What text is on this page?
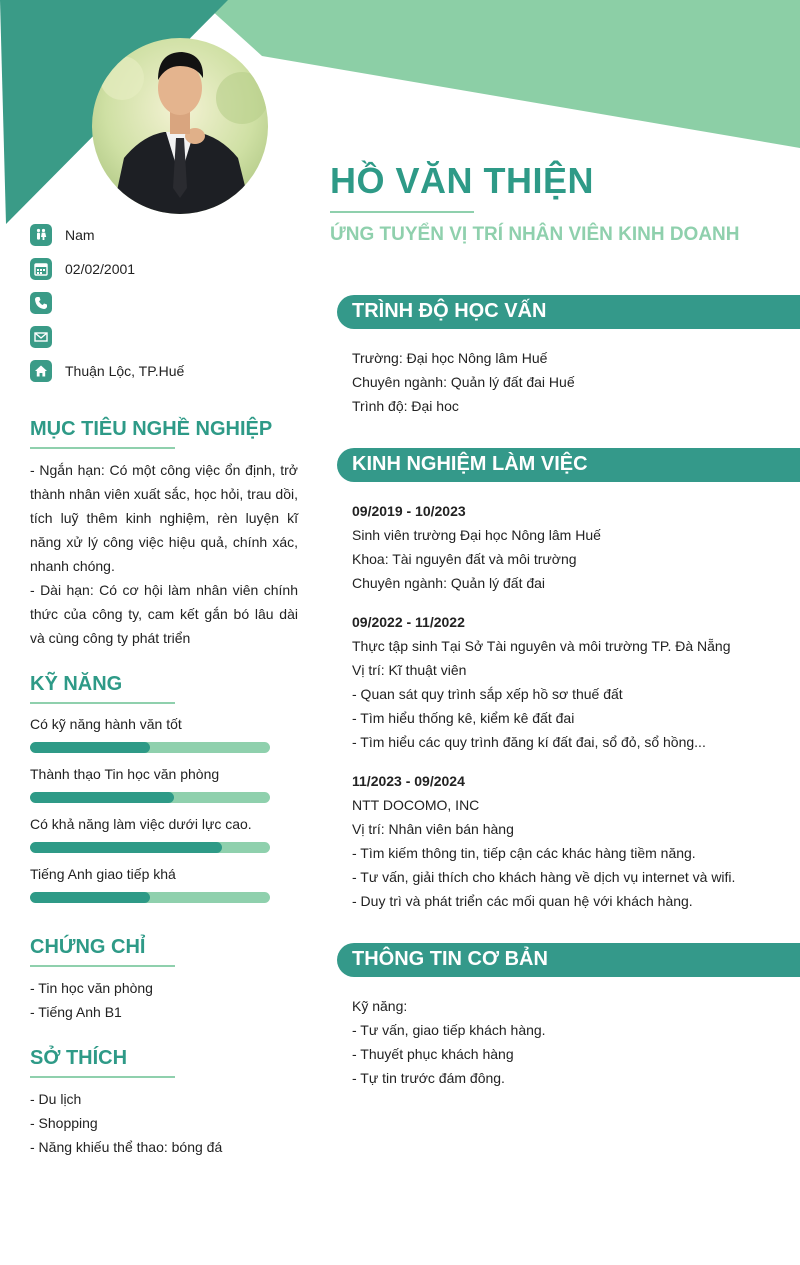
HỒ VĂN THIỆN
ỨNG TUYỂN VỊ TRÍ NHÂN VIÊN KINH DOANH
Nam
02/02/2001
Thuận Lộc, TP.Huế
MỤC TIÊU NGHỀ NGHIỆP
- Ngắn hạn: Có một công việc ổn định, trở thành nhân viên xuất sắc, học hỏi, trau dồi, tích luỹ thêm kinh nghiệm, rèn luyện kĩ năng xử lý công việc hiệu quả, chính xác, nhanh chóng.
- Dài hạn: Có cơ hội làm nhân viên chính thức của công ty, cam kết gắn bó lâu dài và cùng công ty phát triển
KỸ NĂNG
Có kỹ năng hành văn tốt
Thành thạo Tin học văn phòng
Có khả năng làm việc dưới lực cao.
Tiếng Anh giao tiếp khá
CHỨNG CHỈ
- Tin học văn phòng
- Tiếng Anh B1
SỞ THÍCH
- Du lịch
- Shopping
- Năng khiếu thể thao: bóng đá
TRÌNH ĐỘ HỌC VẤN
Trường: Đại học Nông lâm Huế
Chuyên ngành: Quản lý đất đai Huế
Trình độ: Đại hoc
KINH NGHIỆM LÀM VIỆC
09/2019 - 10/2023
Sinh viên trường Đại học Nông lâm Huế
Khoa: Tài nguyên đất và môi trường
Chuyên ngành: Quản lý đất đai
09/2022 - 11/2022
Thực tập sinh Tại Sở Tài nguyên và môi trường TP. Đà Nẵng
Vị trí: Kĩ thuật viên
- Quan sát quy trình sắp xếp hồ sơ thuế đất
- Tìm hiểu thống kê, kiểm kê đất đai
- Tìm hiểu các quy trình đăng kí đất đai, sổ đỏ, sổ hồng...
11/2023 - 09/2024
NTT DOCOMO, INC
Vị trí: Nhân viên bán hàng
- Tìm kiếm thông tin, tiếp cận các khác hàng tiềm năng.
- Tư vấn, giải thích cho khách hàng về dịch vụ internet và wifi.
- Duy trì và phát triển các mối quan hệ với khách hàng.
THÔNG TIN CƠ BẢN
Kỹ năng:
- Tư vấn, giao tiếp khách hàng.
- Thuyết phục khách hàng
- Tự tin trước đám đông.
